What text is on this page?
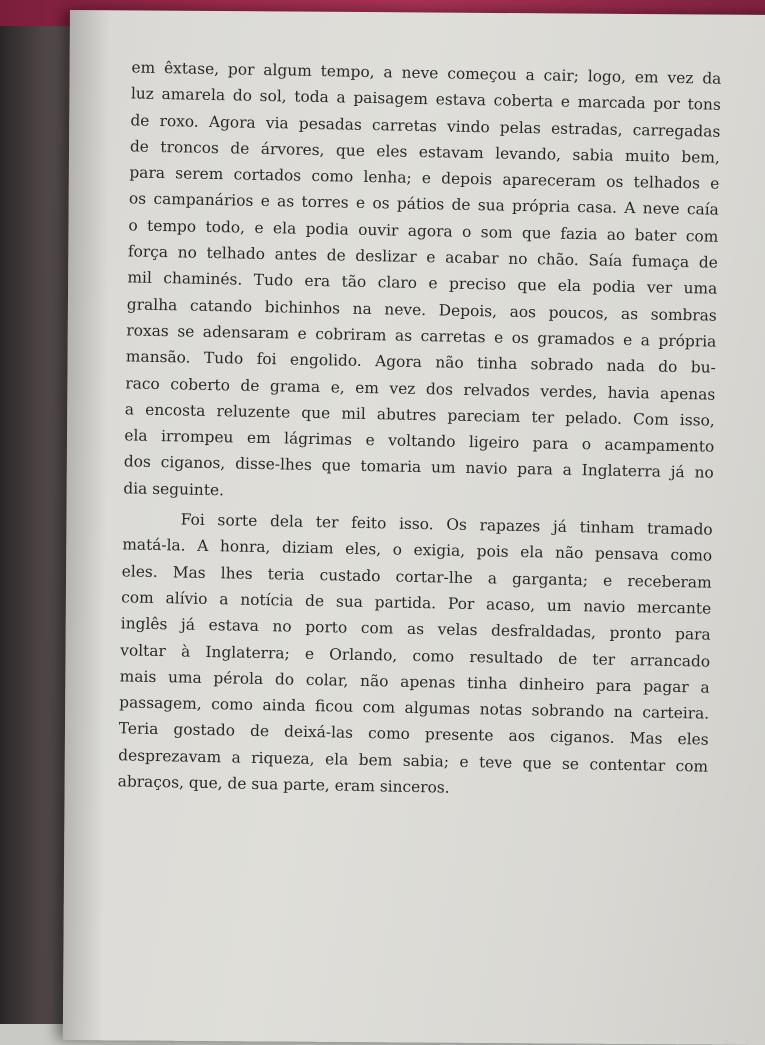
em êxtase, por algum tempo, a neve começou a cair; logo, em vez da
luz amarela do sol, toda a paisagem estava coberta e marcada por tons
de roxo. Agora via pesadas carretas vindo pelas estradas, carregadas
de troncos de árvores, que eles estavam levando, sabia muito bem,
para serem cortados como lenha; e depois apareceram os telhados e
os campanários e as torres e os pátios de sua própria casa. A neve caía
o tempo todo, e ela podia ouvir agora o som que fazia ao bater com
força no telhado antes de deslizar e acabar no chão. Saía fumaça de
mil chaminés. Tudo era tão claro e preciso que ela podia ver uma
gralha catando bichinhos na neve. Depois, aos poucos, as sombras
roxas se adensaram e cobriram as carretas e os gramados e a própria
mansão. Tudo foi engolido. Agora não tinha sobrado nada do bu-
raco coberto de grama e, em vez dos relvados verdes, havia apenas
a encosta reluzente que mil abutres pareciam ter pelado. Com isso,
ela irrompeu em lágrimas e voltando ligeiro para o acampamento
dos ciganos, disse-lhes que tomaria um navio para a Inglaterra já no
dia seguinte.
Foi sorte dela ter feito isso. Os rapazes já tinham tramado
matá-la. A honra, diziam eles, o exigia, pois ela não pensava como
eles. Mas lhes teria custado cortar-lhe a garganta; e receberam
com alívio a notícia de sua partida. Por acaso, um navio mercante
inglês já estava no porto com as velas desfraldadas, pronto para
voltar à Inglaterra; e Orlando, como resultado de ter arrancado
mais uma pérola do colar, não apenas tinha dinheiro para pagar a
passagem, como ainda ficou com algumas notas sobrando na carteira.
Teria gostado de deixá-las como presente aos ciganos. Mas eles
desprezavam a riqueza, ela bem sabia; e teve que se contentar com
abraços, que, de sua parte, eram sinceros.
